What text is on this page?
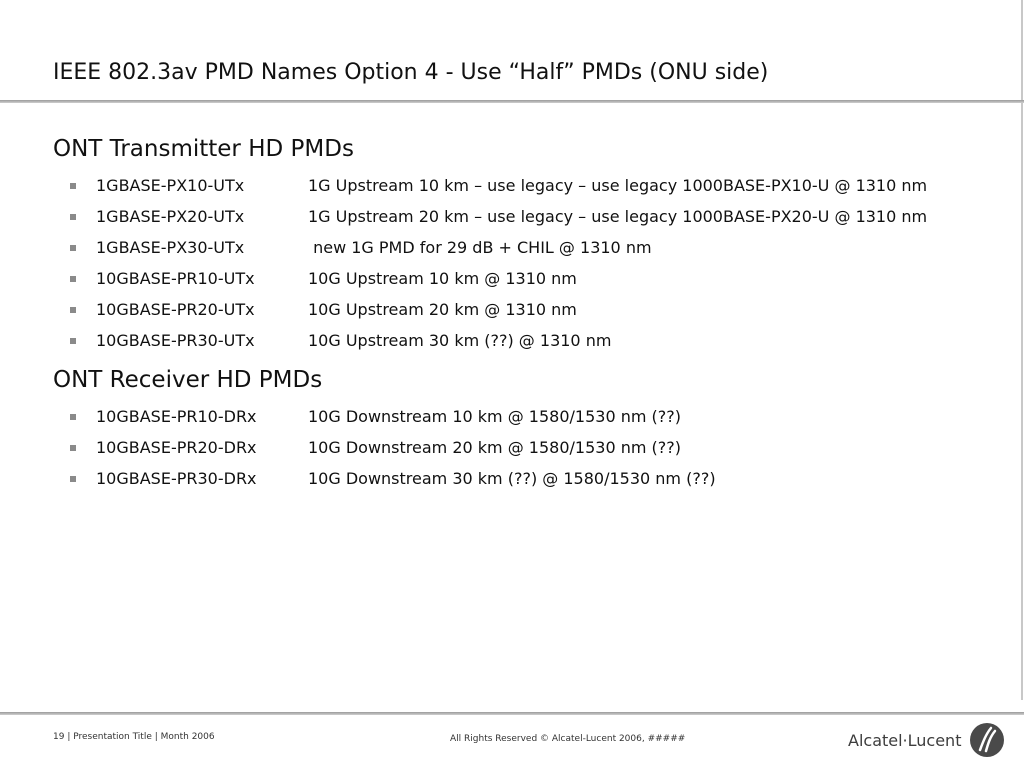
IEEE 802.3av PMD Names Option 4 - Use “Half” PMDs (ONU side)
ONT Transmitter HD PMDs
1GBASE-PX10-UTx	1G Upstream 10 km – use legacy – use legacy 1000BASE-PX10-U @ 1310 nm
1GBASE-PX20-UTx	1G Upstream 20 km – use legacy – use legacy 1000BASE-PX20-U @ 1310 nm
1GBASE-PX30-UTx	new 1G PMD for 29 dB + CHIL @ 1310 nm
10GBASE-PR10-UTx	10G Upstream 10 km @ 1310 nm
10GBASE-PR20-UTx	10G Upstream 20 km @ 1310 nm
10GBASE-PR30-UTx	10G Upstream 30 km (??) @ 1310 nm
ONT Receiver HD PMDs
10GBASE-PR10-DRx	10G Downstream 10 km @ 1580/1530 nm (??)
10GBASE-PR20-DRx	10G Downstream 20 km @ 1580/1530 nm (??)
10GBASE-PR30-DRx	10G Downstream 30 km (??) @ 1580/1530 nm (??)
19 | Presentation Title | Month 2006	All Rights Reserved © Alcatel-Lucent 2006, #####	Alcatel·Lucent
